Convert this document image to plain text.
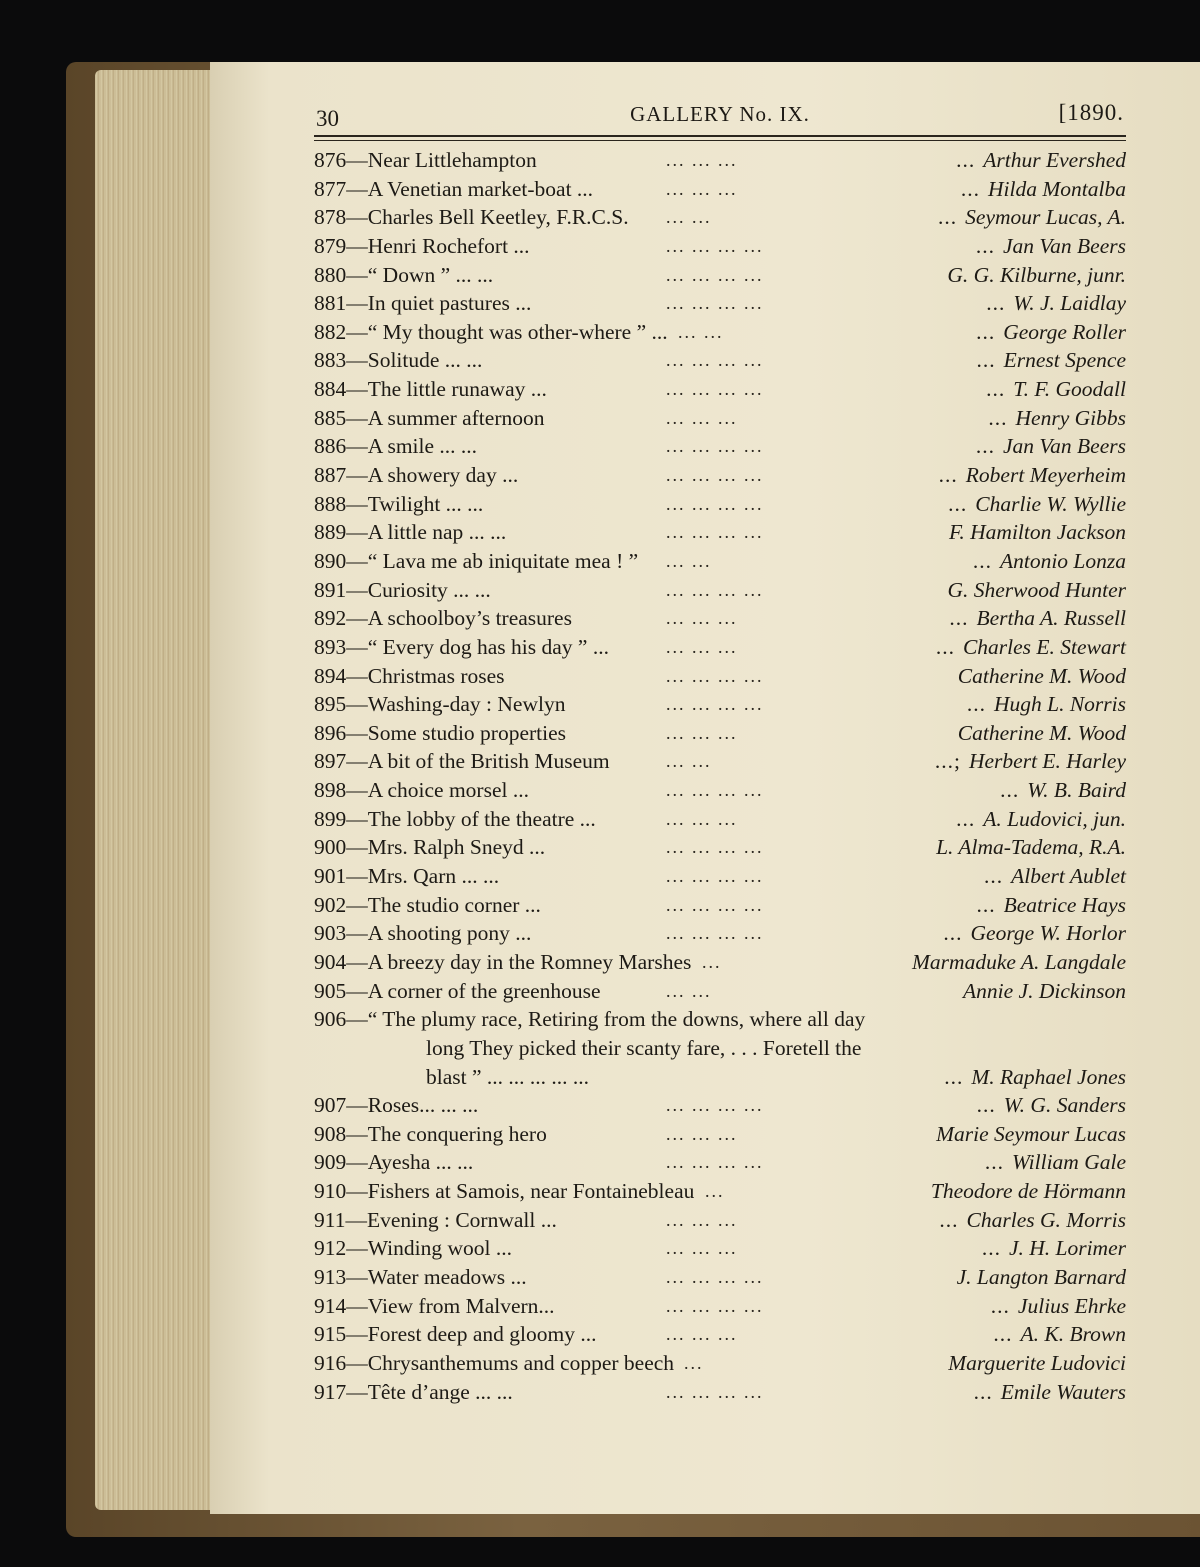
30	GALLERY No. IX.	[1890.
876—Near Littlehampton	... ... ...	... Arthur Evershed
877—A Venetian market-boat ...	... ... ...	... Hilda Montalba
878—Charles Bell Keetley, F.R.C.S. ... ...	... Seymour Lucas, A.
879—Henri Rochefort ...	... ... ... ...	... Jan Van Beers
880—“ Down ” ... ...	... ... ... ...	G. G. Kilburne, junr.
881—In quiet pastures ...	... ... ... ...	... W. J. Laidlay
882—“ My thought was other-where ” ... ... ...	... George Roller
883—Solitude ... ...	... ... ... ...	... Ernest Spence
884—The little runaway ...	... ... ... ...	... T. F. Goodall
885—A summer afternoon	... ... ...	... Henry Gibbs
886—A smile ... ...	... ... ... ...	... Jan Van Beers
887—A showery day ...	... ... ... ...	... Robert Meyerheim
888—Twilight ... ...	... ... ... ...	... Charlie W. Wyllie
889—A little nap ... ...	... ... ... ...	F. Hamilton Jackson
890—“ Lava me ab iniquitate mea ! ” ... ...	... Antonio Lonza
891—Curiosity ... ...	... ... ... ...	G. Sherwood Hunter
892—A schoolboy’s treasures	... ... ...	... Bertha A. Russell
893—“ Every dog has his day ” ...	... ... ...	... Charles E. Stewart
894—Christmas roses	... ... ... ...	Catherine M. Wood
895—Washing-day : Newlyn	... ... ... ...	... Hugh L. Norris
896—Some studio properties	... ... ...	Catherine M. Wood
897—A bit of the British Museum	... ...	...; Herbert E. Harley
898—A choice morsel ...	... ... ... ...	... W. B. Baird
899—The lobby of the theatre ...	... ... ...	... A. Ludovici, jun.
900—Mrs. Ralph Sneyd ...	... ... ... ...	L. Alma-Tadema, R.A.
901—Mrs. Qarn ... ...	... ... ... ...	... Albert Aublet
902—The studio corner ...	... ... ... ...	... Beatrice Hays
903—A shooting pony ...	... ... ... ...	... George W. Horlor
904—A breezy day in the Romney Marshes ...	Marmaduke A. Langdale
905—A corner of the greenhouse	... ...	Annie J. Dickinson
906—“ The plumy race, Retiring from the downs, where all day
long They picked their scanty fare, . . . Foretell the
blast ” ... ... ... ... ...	... M. Raphael Jones
907—Roses... ... ...	... ... ... ...	... W. G. Sanders
908—The conquering hero	... ... ...	Marie Seymour Lucas
909—Ayesha ... ...	... ... ... ...	... William Gale
910—Fishers at Samois, near Fontainebleau ...	Theodore de Hörmann
911—Evening : Cornwall ...	... ... ...	... Charles G. Morris
912—Winding wool ...	... ... ...	... J. H. Lorimer
913—Water meadows ...	... ... ... ...	J. Langton Barnard
914—View from Malvern...	... ... ... ...	... Julius Ehrke
915—Forest deep and gloomy ...	... ... ...	... A. K. Brown
916—Chrysanthemums and copper beech ...	Marguerite Ludovici
917—Tête d’ange ... ...	... ... ... ...	... Emile Wauters
